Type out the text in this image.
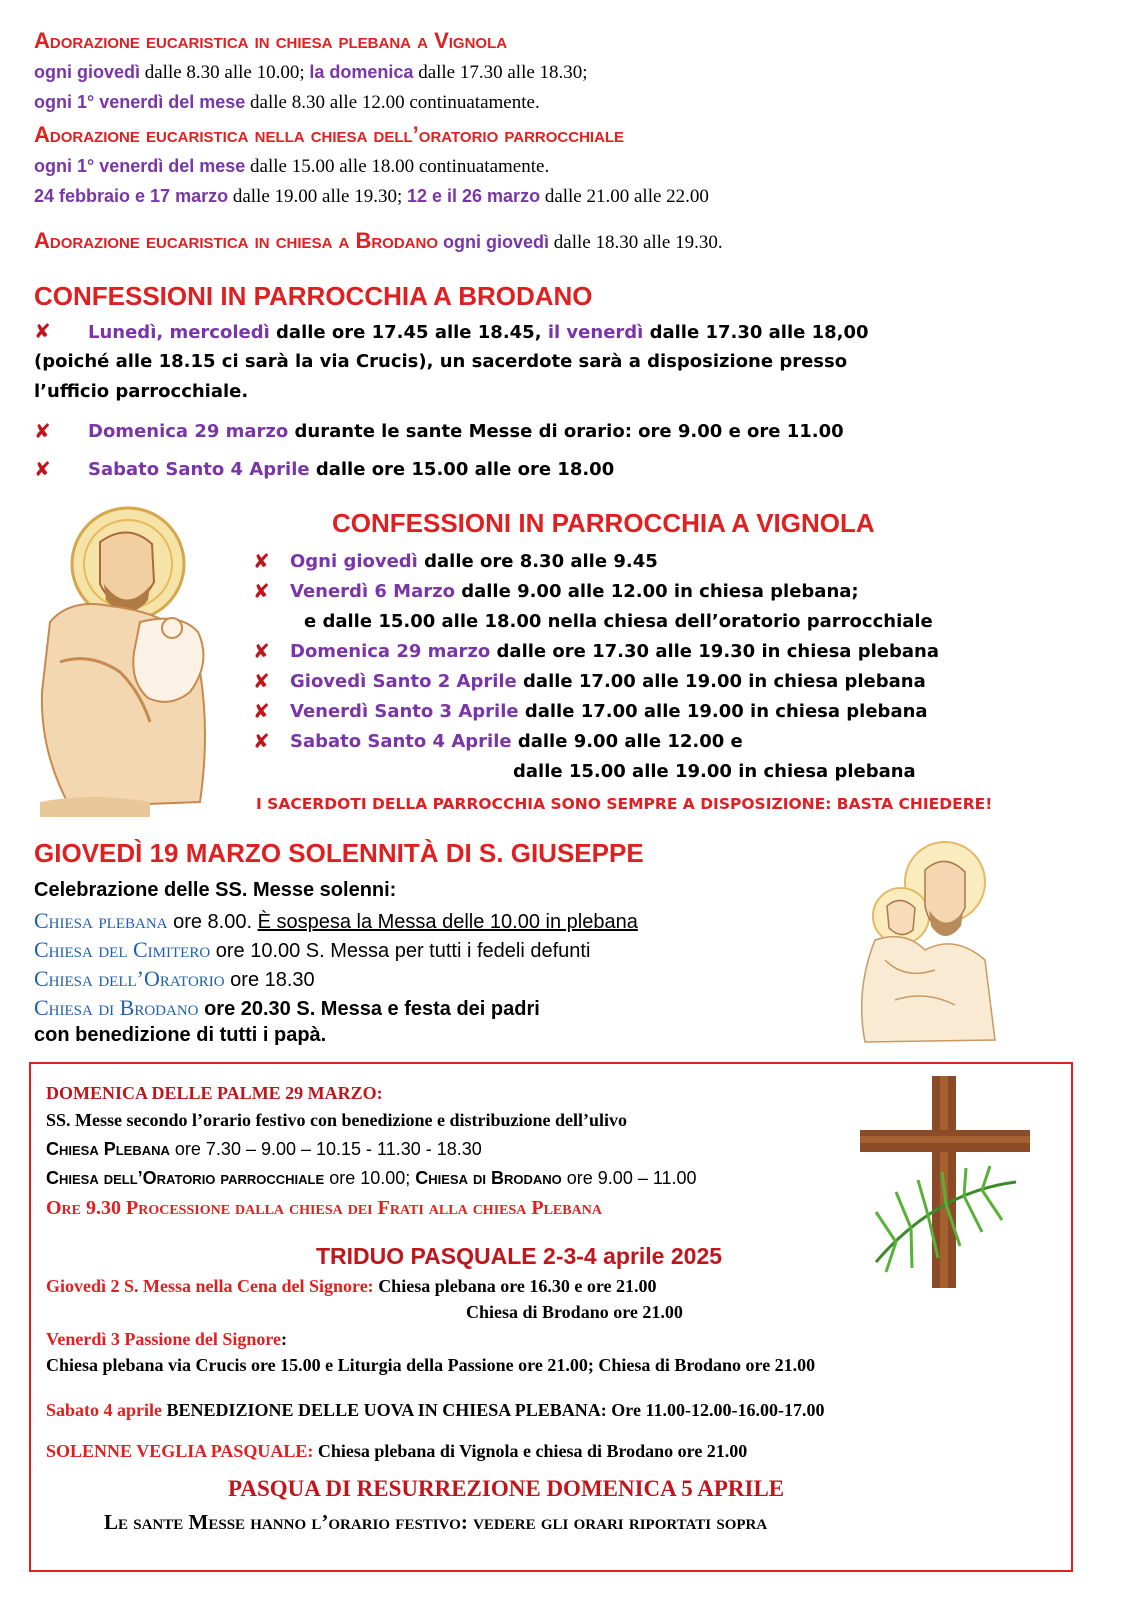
Adorazione eucaristica in chiesa plebana a Vignola
ogni giovedì dalle 8.30 alle 10.00; la domenica dalle 17.30 alle 18.30;
ogni 1° venerdì del mese dalle 8.30 alle 12.00 continuatamente.
Adorazione eucaristica nella chiesa dell’oratorio parrocchiale
ogni 1° venerdì del mese dalle 15.00 alle 18.00 continuatamente.
24 febbraio e 17 marzo dalle 19.00 alle 19.30; 12 e il 26 marzo dalle 21.00 alle 22.00
Adorazione eucaristica in chiesa a Brodano ogni giovedì dalle 18.30 alle 19.30.
CONFESSIONI IN PARROCCHIA A BRODANO
✘ Lunedì, mercoledì dalle ore 17.45 alle 18.45, il venerdì dalle 17.30 alle 18,00
(poiché alle 18.15 ci sarà la via Crucis), un sacerdote sarà a disposizione presso
l’ufficio parrocchiale.
✘ Domenica 29 marzo durante le sante Messe di orario: ore 9.00 e ore 11.00
✘ Sabato Santo 4 Aprile dalle ore 15.00 alle ore 18.00
CONFESSIONI IN PARROCCHIA A VIGNOLA
✘ Ogni giovedì dalle ore 8.30 alle 9.45
✘ Venerdì 6 Marzo dalle 9.00 alle 12.00 in chiesa plebana;
e dalle 15.00 alle 18.00 nella chiesa dell’oratorio parrocchiale
✘ Domenica 29 marzo dalle ore 17.30 alle 19.30 in chiesa plebana
✘ Giovedì Santo 2 Aprile dalle 17.00 alle 19.00 in chiesa plebana
✘ Venerdì Santo 3 Aprile dalle 17.00 alle 19.00 in chiesa plebana
✘ Sabato Santo 4 Aprile dalle 9.00 alle 12.00 e
dalle 15.00 alle 19.00 in chiesa plebana
I SACERDOTI DELLA PARROCCHIA SONO SEMPRE A DISPOSIZIONE: BASTA CHIEDERE!
GIOVEDÌ 19 MARZO SOLENNITÀ DI S. GIUSEPPE
Celebrazione delle SS. Messe solenni:
Chiesa plebana ore 8.00. È sospesa la Messa delle 10.00 in plebana
Chiesa del Cimitero ore 10.00 S. Messa per tutti i fedeli defunti
Chiesa dell’Oratorio ore 18.30
Chiesa di Brodano ore 20.30 S. Messa e festa dei padri
con benedizione di tutti i papà.
DOMENICA DELLE PALME 29 MARZO:
SS. Messe secondo l’orario festivo con benedizione e distribuzione dell’ulivo
Chiesa Plebana ore 7.30 – 9.00 – 10.15 - 11.30 - 18.30
Chiesa dell’Oratorio parrocchiale ore 10.00; Chiesa di Brodano ore 9.00 – 11.00
Ore 9.30 Processione dalla chiesa dei Frati alla chiesa Plebana
TRIDUO PASQUALE 2-3-4 aprile 2025
Giovedì 2 S. Messa nella Cena del Signore: Chiesa plebana ore 16.30 e ore 21.00
Chiesa di Brodano ore 21.00
Venerdì 3 Passione del Signore:
Chiesa plebana via Crucis ore 15.00 e Liturgia della Passione ore 21.00; Chiesa di Brodano ore 21.00
Sabato 4 aprile BENEDIZIONE DELLE UOVA IN CHIESA PLEBANA: Ore 11.00-12.00-16.00-17.00
SOLENNE VEGLIA PASQUALE: Chiesa plebana di Vignola e chiesa di Brodano ore 21.00
PASQUA DI RESURREZIONE DOMENICA 5 APRILE
Le sante Messe hanno l’orario festivo: vedere gli orari riportati sopra
